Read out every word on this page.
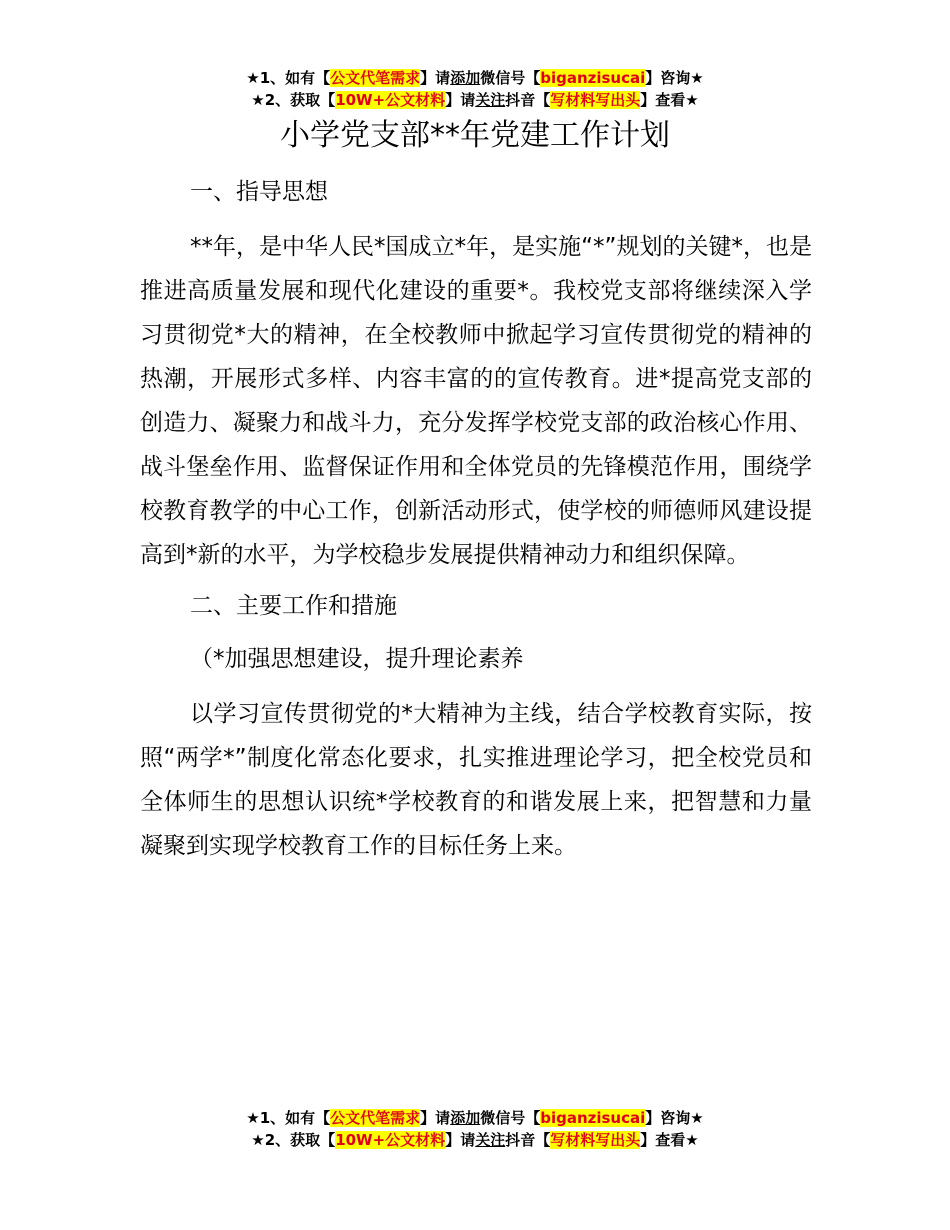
★1、如有【公文代笔需求】请添加微信号【biganzisucai】咨询★
★2、获取【10W+公文材料】请关注抖音【写材料写出头】查看★
小学党支部**年党建工作计划

一、指导思想

**年，是中华人民*国成立*年，是实施“*”规划的关键*，也是推进高质量发展和现代化建设的重要*。我校党支部将继续深入学习贯彻党*大的精神，在全校教师中掀起学习宣传贯彻党的精神的热潮，开展形式多样、内容丰富的的宣传教育。进*提高党支部的创造力、凝聚力和战斗力，充分发挥学校党支部的政治核心作用、战斗堡垒作用、监督保证作用和全体党员的先锋模范作用，围绕学校教育教学的中心工作，创新活动形式，使学校的师德师风建设提高到*新的水平，为学校稳步发展提供精神动力和组织保障。

二、主要工作和措施

（*加强思想建设，提升理论素养

以学习宣传贯彻党的*大精神为主线，结合学校教育实际，按照“两学*”制度化常态化要求，扎实推进理论学习，把全校党员和全体师生的思想认识统*学校教育的和谐发展上来，把智慧和力量凝聚到实现学校教育工作的目标任务上来。

★1、如有【公文代笔需求】请添加微信号【biganzisucai】咨询★
★2、获取【10W+公文材料】请关注抖音【写材料写出头】查看★
